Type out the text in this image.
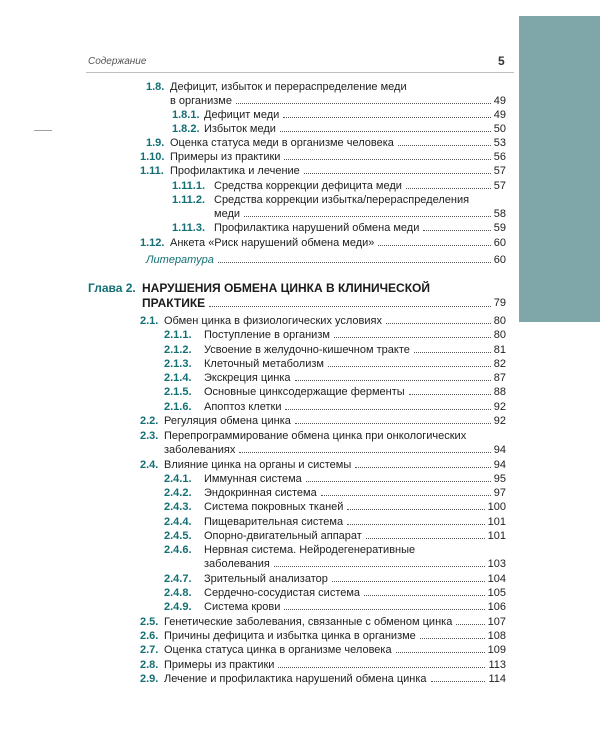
Содержание	5
1.8. Дефицит, избыток и перераспределение меди
в организме	49
1.8.1. Дефицит меди	49
1.8.2. Избыток меди	50
1.9. Оценка статуса меди в организме человека	53
1.10. Примеры из практики	56
1.11. Профилактика и лечение	57
1.11.1. Средства коррекции дефицита меди	57
1.11.2. Средства коррекции избытка/перераспределения
меди	58
1.11.3. Профилактика нарушений обмена меди	59
1.12. Анкета «Риск нарушений обмена меди»	60
Литература	60
Глава 2. НАРУШЕНИЯ ОБМЕНА ЦИНКА В КЛИНИЧЕСКОЙ
ПРАКТИКЕ	79
2.1. Обмен цинка в физиологических условиях	80
2.1.1. Поступление в организм	80
2.1.2. Усвоение в желудочно-кишечном тракте	81
2.1.3. Клеточный метаболизм	82
2.1.4. Экскреция цинка	87
2.1.5. Основные цинксодержащие ферменты	88
2.1.6. Апоптоз клетки	92
2.2. Регуляция обмена цинка	92
2.3. Перепрограммирование обмена цинка при онкологических
заболеваниях	94
2.4. Влияние цинка на органы и системы	94
2.4.1. Иммунная система	95
2.4.2. Эндокринная система	97
2.4.3. Система покровных тканей	100
2.4.4. Пищеварительная система	101
2.4.5. Опорно-двигательный аппарат	101
2.4.6. Нервная система. Нейродегенеративные
заболевания	103
2.4.7. Зрительный анализатор	104
2.4.8. Сердечно-сосудистая система	105
2.4.9. Система крови	106
2.5. Генетические заболевания, связанные с обменом цинка	107
2.6. Причины дефицита и избытка цинка в организме	108
2.7. Оценка статуса цинка в организме человека	109
2.8. Примеры из практики	113
2.9. Лечение и профилактика нарушений обмена цинка	114
